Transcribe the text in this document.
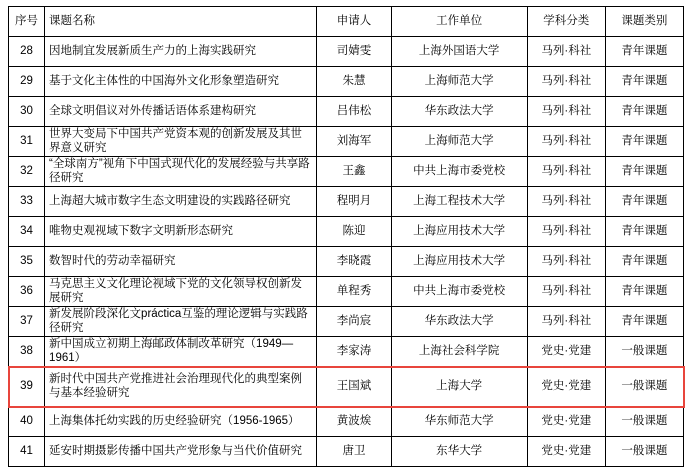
序号	课题名称	申请人	工作单位	学科分类	课题类别
28	因地制宜发展新质生产力的上海实践研究	司婧雯	上海外国语大学	马列·科社	青年课题
29	基于文化主体性的中国海外文化形象塑造研究	朱慧	上海师范大学	马列·科社	青年课题
30	全球文明倡议对外传播话语体系建构研究	吕伟松	华东政法大学	马列·科社	青年课题
31	世界大变局下中国共产党资本观的创新发展及其世界意义研究	刘海军	上海师范大学	马列·科社	青年课题
32	“全球南方”视角下中国式现代化的发展经验与共享路径研究	王鑫	中共上海市委党校	马列·科社	青年课题
33	上海超大城市数字生态文明建设的实践路径研究	程明月	上海工程技术大学	马列·科社	青年课题
34	唯物史观视域下数字文明新形态研究	陈迎	上海应用技术大学	马列·科社	青年课题
35	数智时代的劳动幸福研究	李晓霞	上海应用技术大学	马列·科社	青年课题
36	马克思主义文化理论视域下党的文化领导权创新发展研究	单程秀	中共上海市委党校	马列·科社	青年课题
37	新发展阶段深化文práctica互鉴的理论逻辑与实践路径研究	李尚宸	华东政法大学	马列·科社	青年课题
38	新中国成立初期上海邮政体制改革研究（1949—1961）	李家涛	上海社会科学院	党史·党建	一般课题
39	新时代中国共产党推进社会治理现代化的典型案例与基本经验研究	王国斌	上海大学	党史·党建	一般课题
40	上海集体托幼实践的历史经验研究（1956-1965）	黄波㶼	华东师范大学	党史·党建	一般课题
41	延安时期摄影传播中国共产党形象与当代价值研究	唐卫	东华大学	党史·党建	一般课题
